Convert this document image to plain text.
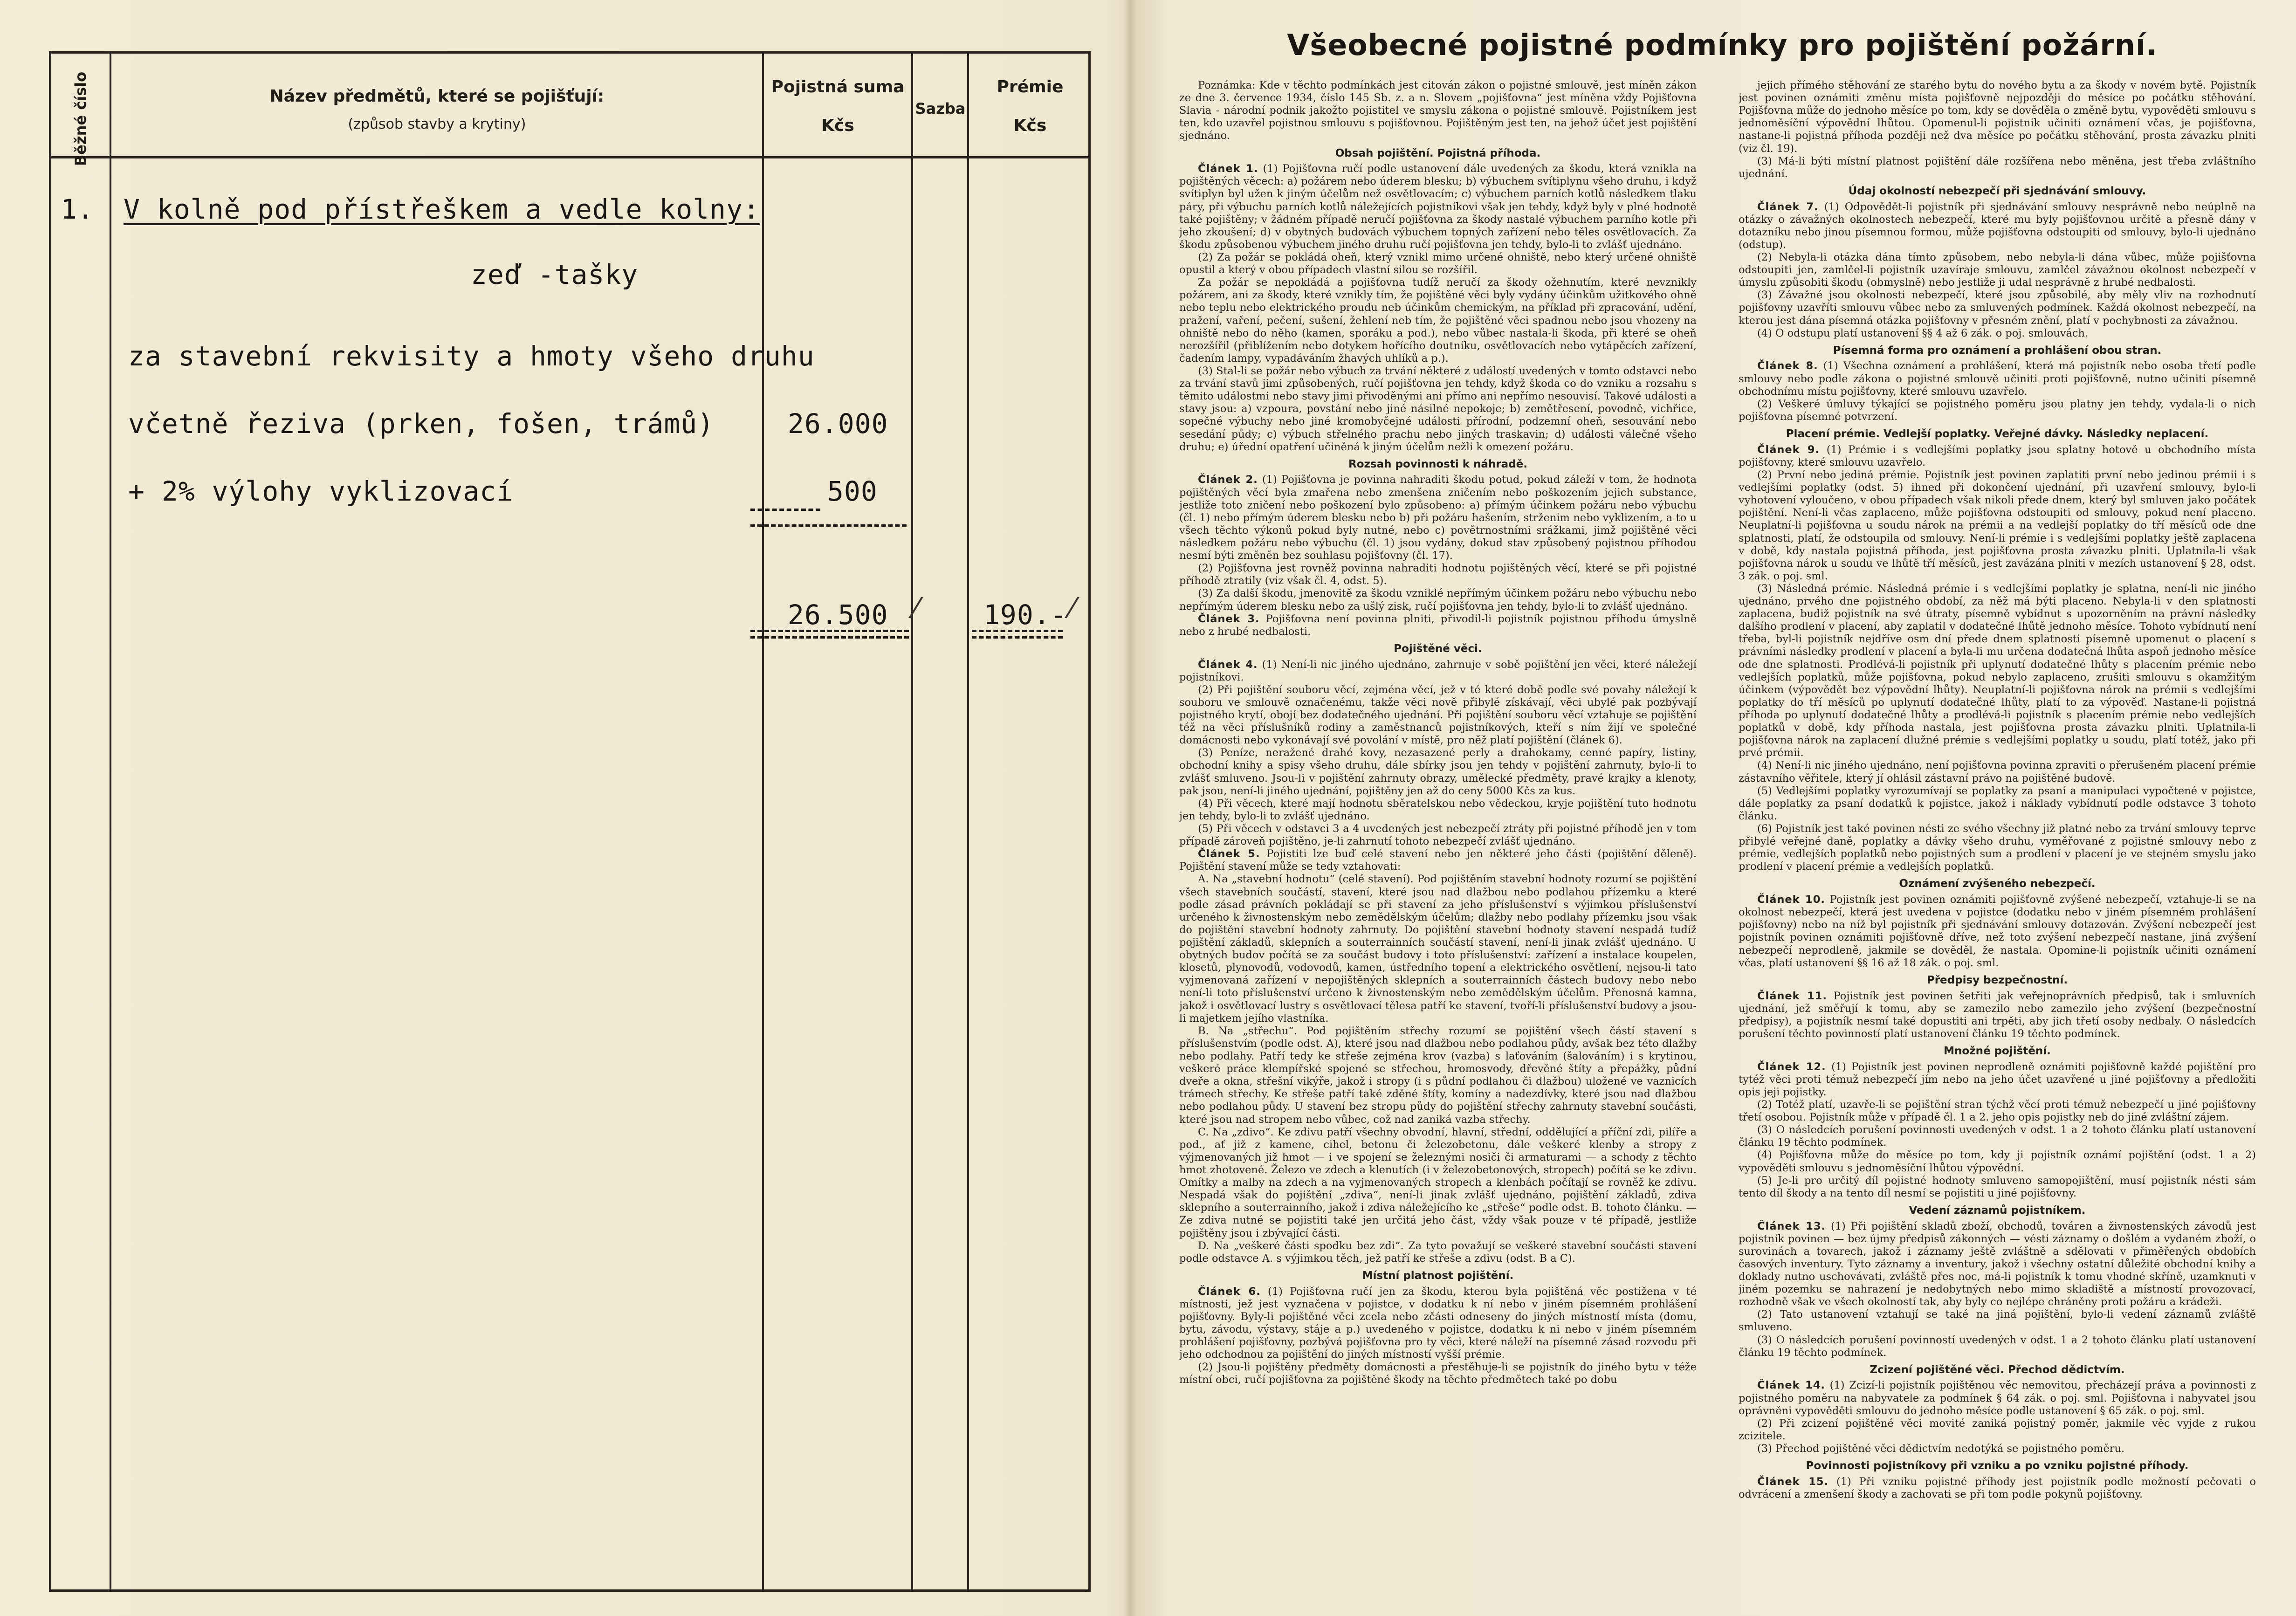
Běžné číslo	Název předmětů, které se pojišťují:
(způsob stavby a krytiny)
Pojistná suma
Kčs
Sazba
Prémie
Kčs
1. V kolně pod přístřeškem a vedle kolny:
zeď -tašky
za stavební rekvisity a hmoty všeho druhu
včetně řeziva (prken, fošen, trámů)
+ 2% výlohy vyklizovací
26.000
500
26.500 ⁄ 190.- ⁄
Všeobecné pojistné podmínky pro pojištění požární.

Poznámka: Kde v těchto podmínkách jest citován zákon o pojistné smlouvě, jest míněn zákon ze dne 3. července 1934, číslo 145 Sb. z. a n. Slovem „pojišťovna“ jest míněna vždy Pojišťovna Slavia - národní podnik jakožto pojistitel ve smyslu zákona o pojistné smlouvě. Pojistníkem jest ten, kdo uzavřel pojistnou smlouvu s pojišťovnou. Pojištěným jest ten, na jehož účet jest pojištění sjednáno.

Obsah pojištění. Pojistná příhoda.

Článek 1. (1) Pojišťovna ručí podle ustanovení dále uvedených za škodu, která vznikla na pojištěných věcech: a) požárem nebo úderem blesku; b) výbuchem svítiplynu všeho druhu, i když svítiplyn byl užen k jiným účelům než osvětlovacím; c) výbuchem parních kotlů následkem tlaku páry, při výbuchu parních kotlů náležejících pojistníkovi však jen tehdy, když byly v plné hodnotě také pojištěny; v žádném případě neručí pojišťovna za škody nastalé výbuchem parního kotle při jeho zkoušení; d) v obytných budovách výbuchem topných zařízení nebo těles osvětlovacích. Za škodu způsobenou výbuchem jiného druhu ručí pojišťovna jen tehdy, bylo-li to zvlášť ujednáno.

(2) Za požár se pokládá oheň, který vznikl mimo určené ohniště, nebo který určené ohniště opustil a který v obou případech vlastní silou se rozšířil.

Za požár se nepokládá a pojišťovna tudíž neručí za škody ožehnutím, které nevznikly požárem, ani za škody, které vznikly tím, že pojištěné věci byly vydány účinkům užitkového ohně nebo teplu nebo elektrického proudu neb účinkům chemickým, na příklad při zpracování, udění, pražení, vaření, pečení, sušení, žehlení neb tím, že pojištěné věci spadnou nebo jsou vhozeny na ohniště nebo do něho (kamen, sporáku a pod.), nebo vůbec nastala-li škoda, při které se oheň nerozšířil (přiblížením nebo dotykem hořícího doutníku, osvětlovacích nebo vytápěcích zařízení, čadením lampy, vypadáváním žhavých uhlíků a p.).

(3) Stal-li se požár nebo výbuch za trvání některé z událostí uvedených v tomto odstavci nebo za trvání stavů jimi způsobených, ručí pojišťovna jen tehdy, když škoda co do vzniku a rozsahu s těmito událostmi nebo stavy jimi přivoděnými ani přímo ani nepřímo nesouvisí. Takové události a stavy jsou: a) vzpoura, povstání nebo jiné násilné nepokoje; b) zemětřesení, povodně, vichřice, sopečné výbuchy nebo jiné kromobyčejné události přírodní, podzemní oheň, sesouvání nebo sesedání půdy; c) výbuch střelného prachu nebo jiných traskavin; d) události válečné všeho druhu; e) úřední opatření učiněná k jiným účelům nežli k omezení požáru.

Rozsah povinnosti k náhradě.

Článek 2. (1) Pojišťovna je povinna nahraditi škodu potud, pokud záleží v tom, že hodnota pojištěných věcí byla zmařena nebo zmenšena zničením nebo poškozením jejich substance, jestliže toto zničení nebo poškození bylo způsobeno: a) přímým účinkem požáru nebo výbuchu (čl. 1) nebo přímým úderem blesku nebo b) při požáru hašením, strženim nebo vyklizením, a to u všech těchto výkonů pokud byly nutné, nebo c) povětrnostními srážkami, jimž pojištěné věci následkem požáru nebo výbuchu (čl. 1) jsou vydány, dokud stav způsobený pojistnou příhodou nesmí býti změněn bez souhlasu pojišťovny (čl. 17).

(2) Pojišťovna jest rovněž povinna nahraditi hodnotu pojištěných věcí, které se při pojistné příhodě ztratily (viz však čl. 4, odst. 5).

(3) Za další škodu, jmenovitě za škodu vzniklé nepřímým účinkem požáru nebo výbuchu nebo nepřímým úderem blesku nebo za ušlý zisk, ručí pojišťovna jen tehdy, bylo-li to zvlášť ujednáno.

Článek 3. Pojišťovna není povinna plniti, přivodil-li pojistník pojistnou příhodu úmyslně nebo z hrubé nedbalosti.

Pojištěné věci.

Článek 4. (1) Není-li nic jiného ujednáno, zahrnuje v sobě pojištění jen věci, které náležejí pojistníkovi.

(2) Při pojištění souboru věcí, zejména věcí, jež v té které době podle své povahy náležejí k souboru ve smlouvě označenému, takže věci nově přibylé získávají, věci ubylé pak pozbývají pojistného krytí, obojí bez dodatečného ujednání. Při pojištění souboru věcí vztahuje se pojištění též na věci příslušníků rodiny a zaměstnanců pojistníkových, kteří s ním žijí ve společné domácnosti nebo vykonávají své povolání v místě, pro něž platí pojištění (článek 6).

(3) Peníze, neražené drahé kovy, nezasazené perly a drahokamy, cenné papíry, listiny, obchodní knihy a spisy všeho druhu, dále sbírky jsou jen tehdy v pojištění zahrnuty, bylo-li to zvlášť smluveno. Jsou-li v pojištění zahrnuty obrazy, umělecké předměty, pravé krajky a klenoty, pak jsou, není-li jiného ujednání, pojištěny jen až do ceny 5000 Kčs za kus.

(4) Při věcech, které mají hodnotu sběratelskou nebo vědeckou, kryje pojištění tuto hodnotu jen tehdy, bylo-li to zvlášť ujednáno.

(5) Při věcech v odstavci 3 a 4 uvedených jest nebezpečí ztráty při pojistné příhodě jen v tom případě zároveň pojištěno, je-li zahrnutí tohoto nebezpečí zvlášť ujednáno.

Článek 5. Pojistiti lze buď celé stavení nebo jen některé jeho části (pojištění děleně). Pojištění stavení může se tedy vztahovati:

A. Na „stavební hodnotu“ (celé stavení). Pod pojištěním stavební hodnoty rozumí se pojištění všech stavebních součástí, stavení, které jsou nad dlažbou nebo podlahou přízemku a které podle zásad právních pokládají se při stavení za jeho příslušenství s výjimkou příslušenství určeného k živnostenským nebo zemědělským účelům; dlažby nebo podlahy přízemku jsou však do pojištění stavební hodnoty zahrnuty. Do pojištění stavební hodnoty stavení nespadá tudíž pojištění základů, sklepních a souterrainních součástí stavení, není-li jinak zvlášť ujednáno. U obytných budov počítá se za součást budovy i toto příslušenství: zařízení a instalace koupelen, klosetů, plynovodů, vodovodů, kamen, ústředního topení a elektrického osvětlení, nejsou-li tato vyjmenovaná zařízení v nepojištěných sklepních a souterrainních částech budovy nebo nebo není-li toto příslušenství určeno k živnostenským nebo zemědělským účelům. Přenosná kamna, jakož i osvětlovací lustry s osvětlovací tělesa patří ke stavení, tvoří-li příslušenství budovy a jsou-li majetkem jejího vlastníka.

B. Na „střechu“. Pod pojištěním střechy rozumí se pojištění všech částí stavení s příslušenstvím (podle odst. A), které jsou nad dlažbou nebo podlahou půdy, avšak bez této dlažby nebo podlahy. Patří tedy ke střeše zejména krov (vazba) s laťováním (šalováním) i s krytinou, veškeré práce klempířské spojené se střechou, hromosvody, dřevěné štíty a přepážky, půdní dveře a okna, střešní vikýře, jakož i stropy (i s půdní podlahou či dlažbou) uložené ve vaznicích trámech střechy. Ke střeše patří také zděné štíty, komíny a nadezdívky, které jsou nad dlažbou nebo podlahou půdy. U stavení bez stropu půdy do pojištění střechy zahrnuty stavební součásti, které jsou nad stropem nebo vůbec, což nad zaniká vazba střechy.

C. Na „zdivo“. Ke zdivu patří všechny obvodní, hlavní, střední, oddělující a příční zdi, pilíře a pod., ať již z kamene, cihel, betonu či železobetonu, dále veškeré klenby a stropy z výjmenovaných již hmot — i ve spojení se železnými nosiči či armaturami — a schody z těchto hmot zhotovené. Železo ve zdech a klenutích (i v železobetonových, stropech) počítá se ke zdivu. Omítky a malby na zdech a na vyjmenovaných stropech a klenbách počítají se rovněž ke zdivu. Nespadá však do pojištění „zdiva“, není-li jinak zvlášť ujednáno, pojištění základů, zdiva sklepního a souterrainního, jakož i zdiva náležejícího ke „střeše“ podle odst. B. tohoto článku. — Ze zdiva nutné se pojistiti také jen určitá jeho část, vždy však pouze v té případě, jestliže pojištěny jsou i zbývající části.

D. Na „veškeré části spodku bez zdi“. Za tyto považují se veškeré stavební součásti stavení podle odstavce A. s výjimkou těch, jež patří ke střeše a zdivu (odst. B a C).

Místní platnost pojištění.

Článek 6. (1) Pojišťovna ručí jen za škodu, kterou byla pojištěná věc postižena v té místnosti, jež jest vyznačena v pojistce, v dodatku k ní nebo v jiném písemném prohlášení pojišťovny. Byly-li pojištěné věci zcela nebo zčásti odneseny do jiných místností místa (domu, bytu, závodu, výstavy, stáje a p.) uvedeného v pojistce, dodatku k ni nebo v jiném písemném prohlášení pojišťovny, pozbývá pojišťovna pro ty věci, které náleží na písemné zásad rozvodu při jeho odchodnou za pojištění do jiných místností vyšší prémie.

(2) Jsou-li pojištěny předměty domácnosti a přestěhuje-li se pojistník do jiného bytu v téže místní obci, ručí pojišťovna za pojištěné škody na těchto předmětech také po dobu

jejich přímého stěhování ze starého bytu do nového bytu a za škody v novém bytě. Pojistník jest povinen oznámiti změnu místa pojišťovně nejpozději do měsíce po počátku stěhování. Pojišťovna může do jednoho měsíce po tom, kdy se dověděla o změně bytu, vypověděti smlouvu s jednoměsíční výpovědní lhůtou. Opomenul-li pojistník učiniti oznámení včas, je pojišťovna, nastane-li pojistná příhoda později než dva měsíce po počátku stěhování, prosta závazku plniti (viz čl. 19).

(3) Má-li býti místní platnost pojištění dále rozšířena nebo měněna, jest třeba zvláštního ujednání.

Údaj okolností nebezpečí při sjednávání smlouvy.

Článek 7. (1) Odpovědět-li pojistník při sjednávání smlouvy nesprávně nebo neúplně na otázky o závažných okolnostech nebezpečí, které mu byly pojišťovnou určitě a přesně dány v dotazníku nebo jinou písemnou formou, může pojišťovna odstoupiti od smlouvy, bylo-li ujednáno (odstup).

(2) Nebyla-li otázka dána tímto způsobem, nebo nebyla-li dána vůbec, může pojišťovna odstoupiti jen, zamlčel-li pojistník uzavíraje smlouvu, zamlčel závažnou okolnost nebezpečí v úmyslu způsobiti škodu (obmyslně) nebo jestliže ji udal nesprávně z hrubé nedbalosti.

(3) Závažné jsou okolnosti nebezpečí, které jsou způsobilé, aby měly vliv na rozhodnutí pojišťovny uzavříti smlouvu vůbec nebo za smluvených podmínek. Každá okolnost nebezpečí, na kterou jest dána písemná otázka pojišťovny v přesném znění, platí v pochybnosti za závažnou.

(4) O odstupu platí ustanovení §§ 4 až 6 zák. o poj. smlouvách.

Písemná forma pro oznámení a prohlášení obou stran.

Článek 8. (1) Všechna oznámení a prohlášení, která má pojistník nebo osoba třetí podle smlouvy nebo podle zákona o pojistné smlouvě učiniti proti pojišťovně, nutno učiniti písemně obchodnímu místu pojišťovny, které smlouvu uzavřelo.

(2) Veškeré úmluvy týkající se pojistného poměru jsou platny jen tehdy, vydala-li o nich pojišťovna písemné potvrzení.

Placení prémie. Vedlejší poplatky. Veřejné dávky. Následky neplacení.

Článek 9. (1) Prémie i s vedlejšími poplatky jsou splatny hotově u obchodního místa pojišťovny, které smlouvu uzavřelo.

(2) První nebo jediná prémie. Pojistník jest povinen zaplatiti první nebo jedinou prémii i s vedlejšími poplatky (odst. 5) ihned při dokončení ujednání, při uzavření smlouvy, bylo-li vyhotovení vyloučeno, v obou případech však nikoli přede dnem, který byl smluven jako počátek pojištění. Není-li včas zaplaceno, může pojišťovna odstoupiti od smlouvy, pokud není placeno. Neuplatní-li pojišťovna u soudu nárok na prémii a na vedlejší poplatky do tří měsíců ode dne splatnosti, platí, že odstoupila od smlouvy. Není-li prémie i s vedlejšími poplatky ještě zaplacena v době, kdy nastala pojistná příhoda, jest pojišťovna prosta závazku plniti. Uplatnila-li však pojišťovna nárok u soudu ve lhůtě tří měsíců, jest zavázána plniti v mezích ustanovení § 28, odst. 3 zák. o poj. sml.

(3) Následná prémie. Následná prémie i s vedlejšími poplatky je splatna, není-li nic jiného ujednáno, prvého dne pojistného období, za něž má býti placeno. Nebyla-li v den splatnosti zaplacena, budiž pojistník na své útraty, písemně vybídnut s upozorněním na právní následky dalšího prodlení v placení, aby zaplatil v dodatečné lhůtě jednoho měsíce. Tohoto vybídnutí není třeba, byl-li pojistník nejdříve osm dní přede dnem splatnosti písemně upomenut o placení s právními následky prodlení v placení a byla-li mu určena dodatečná lhůta aspoň jednoho měsíce ode dne splatnosti. Prodlévá-li pojistník při uplynutí dodatečné lhůty s placením prémie nebo vedlejších poplatků, může pojišťovna, pokud nebylo zaplaceno, zrušiti smlouvu s okamžitým účinkem (výpovědět bez výpovědní lhůty). Neuplatní-li pojišťovna nárok na prémii s vedlejšími poplatky do tří měsíců po uplynutí dodatečné lhůty, platí to za výpověď. Nastane-li pojistná příhoda po uplynutí dodatečné lhůty a prodlévá-li pojistník s placením prémie nebo vedlejších poplatků v době, kdy příhoda nastala, jest pojišťovna prosta závazku plniti. Uplatnila-li pojišťovna nárok na zaplacení dlužné prémie s vedlejšími poplatky u soudu, platí totéž, jako při prvé prémii.

(4) Není-li nic jiného ujednáno, není pojišťovna povinna zpraviti o přerušeném placení prémie zástavního věřitele, který jí ohlásil zástavní právo na pojištěné budově.

(5) Vedlejšími poplatky vyrozumívají se poplatky za psaní a manipulaci vypočtené v pojistce, dále poplatky za psaní dodatků k pojistce, jakož i náklady vybídnutí podle odstavce 3 tohoto článku.

(6) Pojistník jest také povinen nésti ze svého všechny již platné nebo za trvání smlouvy teprve přibylé veřejné daně, poplatky a dávky všeho druhu, vyměřované z pojistné smlouvy nebo z prémie, vedlejších poplatků nebo pojistných sum a prodlení v placení je ve stejném smyslu jako prodlení v placení prémie a vedlejších poplatků.

Oznámení zvýšeného nebezpečí.

Článek 10. Pojistník jest povinen oznámiti pojišťovně zvýšené nebezpečí, vztahuje-li se na okolnost nebezpečí, která jest uvedena v pojistce (dodatku nebo v jiném písemném prohlášení pojišťovny) nebo na níž byl pojistník při sjednávání smlouvy dotazován. Zvýšení nebezpečí jest pojistník povinen oznámiti pojišťovně dříve, než toto zvýšení nebezpečí nastane, jiná zvýšení nebezpečí neprodleně, jakmile se dověděl, že nastala. Opomine-li pojistník učiniti oznámení včas, platí ustanovení §§ 16 až 18 zák. o poj. sml.

Předpisy bezpečnostní.

Článek 11. Pojistník jest povinen šetřiti jak veřejnoprávních předpisů, tak i smluvních ujednání, jež směřují k tomu, aby se zamezilo nebo zamezilo jeho zvýšení (bezpečnostní předpisy), a pojistník nesmí také dopustiti ani trpěti, aby jich třetí osoby nedbaly. O následcích porušení těchto povinností platí ustanovení článku 19 těchto podmínek.

Množné pojištění.

Článek 12. (1) Pojistník jest povinen neprodleně oznámiti pojišťovně každé pojištění pro tytéž věci proti témuž nebezpečí jím nebo na jeho účet uzavřené u jiné pojišťovny a předložiti opis jeji pojistky.

(2) Totéž platí, uzavře-li se pojištění stran týchž věcí proti témuž nebezpečí u jiné pojišťovny třetí osobou. Pojistník může v případě čl. 1 a 2. jeho opis pojistky neb do jiné zvláštní zájem.

(3) O následcích porušení povinnosti uvedených v odst. 1 a 2 tohoto článku platí ustanovení článku 19 těchto podmínek.

(4) Pojišťovna může do měsíce po tom, kdy ji pojistník oznámí pojištění (odst. 1 a 2) vypověděti smlouvu s jednoměsíční lhůtou výpovědní.

(5) Je-li pro určitý díl pojistné hodnoty smluveno samopojištění, musí pojistník nésti sám tento díl škody a na tento díl nesmí se pojistiti u jiné pojišťovny.

Vedení záznamů pojistníkem.

Článek 13. (1) Při pojištění skladů zboží, obchodů, továren a živnostenských závodů jest pojistník povinen — bez újmy předpisů zákonných — vésti záznamy o došlém a vydaném zboží, o surovinách a tovarech, jakož i záznamy ještě zvláštně a sdělovati v přiměřených obdobích časových inventury. Tyto záznamy a inventury, jakož i všechny ostatní důležité obchodní knihy a doklady nutno uschovávati, zvláště přes noc, má-li pojistník k tomu vhodné skříně, uzamknuti v jiném pozemku se nahrazení je nedobytných nebo mimo skladiště a místností provozovací, rozhodně však ve všech okolností tak, aby byly co nejlépe chráněny proti požáru a krádeži.

(2) Tato ustanovení vztahují se také na jiná pojištění, bylo-li vedení záznamů zvláště smluveno.

(3) O následcích porušení povinností uvedených v odst. 1 a 2 tohoto článku platí ustanovení článku 19 těchto podmínek.

Zcizení pojištěné věci. Přechod dědictvím.

Článek 14. (1) Zcizí-li pojistník pojištěnou věc nemovitou, přecházejí práva a povinnosti z pojistného poměru na nabyvatele za podmínek § 64 zák. o poj. sml. Pojišťovna i nabyvatel jsou oprávněni vypověděti smlouvu do jednoho měsíce podle ustanovení § 65 zák. o poj. sml.

(2) Při zcizení pojištěné věci movité zaniká pojistný poměr, jakmile věc vyjde z rukou zcizitele.

(3) Přechod pojištěné věci dědictvím nedotýká se pojistného poměru.

Povinnosti pojistníkovy při vzniku a po vzniku pojistné příhody.

Článek 15. (1) Při vzniku pojistné příhody jest pojistník podle možností pečovati o odvrácení a zmenšení škody a zachovati se při tom podle pokynů pojišťovny.
